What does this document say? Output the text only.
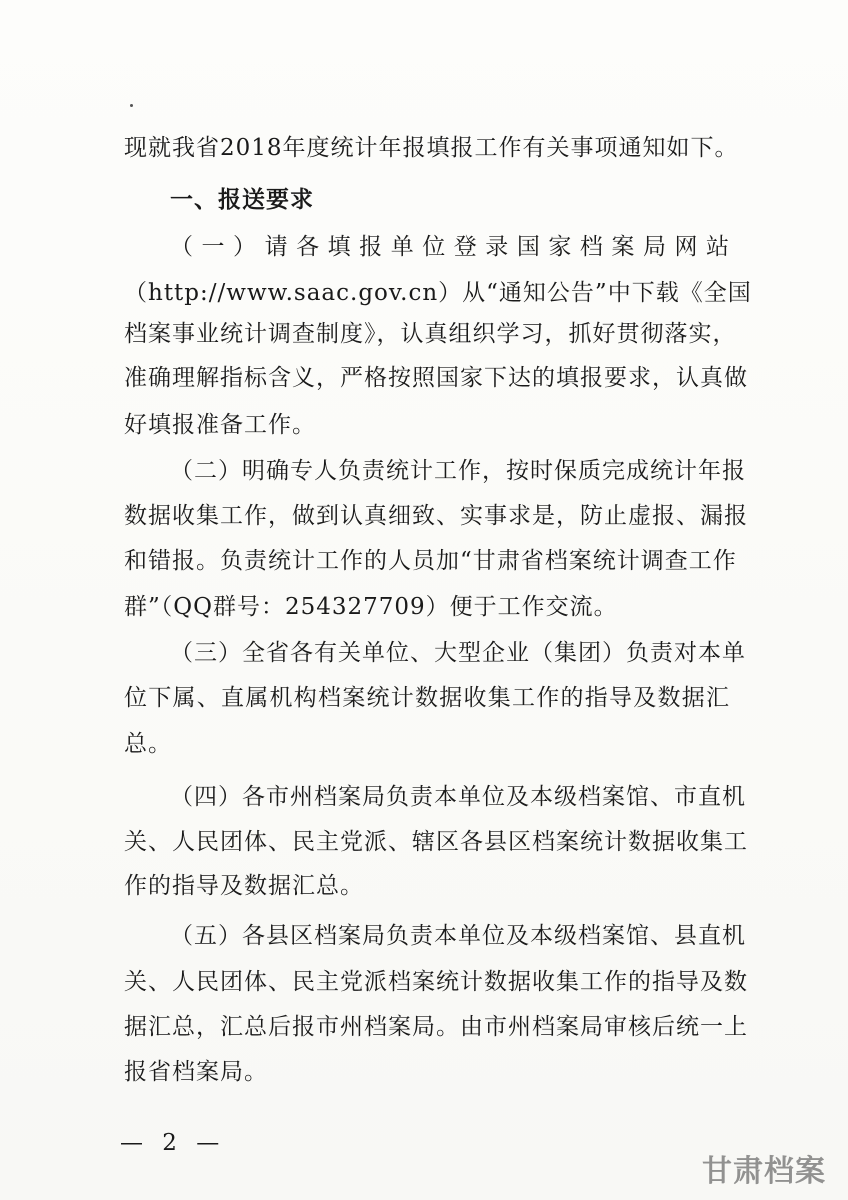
现就我省2018年度统计年报填报工作有关事项通知如下。
一、报送要求
（一）请各填报单位登录国家档案局网站
（http://www.saac.gov.cn）从“通知公告”中下载《全国
档案事业统计调查制度》，认真组织学习，抓好贯彻落实，
准确理解指标含义，严格按照国家下达的填报要求，认真做
好填报准备工作。
（二）明确专人负责统计工作，按时保质完成统计年报
数据收集工作，做到认真细致、实事求是，防止虚报、漏报
和错报。负责统计工作的人员加“甘肃省档案统计调查工作
群”（QQ群号：254327709）便于工作交流。
（三）全省各有关单位、大型企业（集团）负责对本单
位下属、直属机构档案统计数据收集工作的指导及数据汇
总。
（四）各市州档案局负责本单位及本级档案馆、市直机
关、人民团体、民主党派、辖区各县区档案统计数据收集工
作的指导及数据汇总。
（五）各县区档案局负责本单位及本级档案馆、县直机
关、人民团体、民主党派档案统计数据收集工作的指导及数
据汇总，汇总后报市州档案局。由市州档案局审核后统一上
报省档案局。
— 2 —
甘肃档案
